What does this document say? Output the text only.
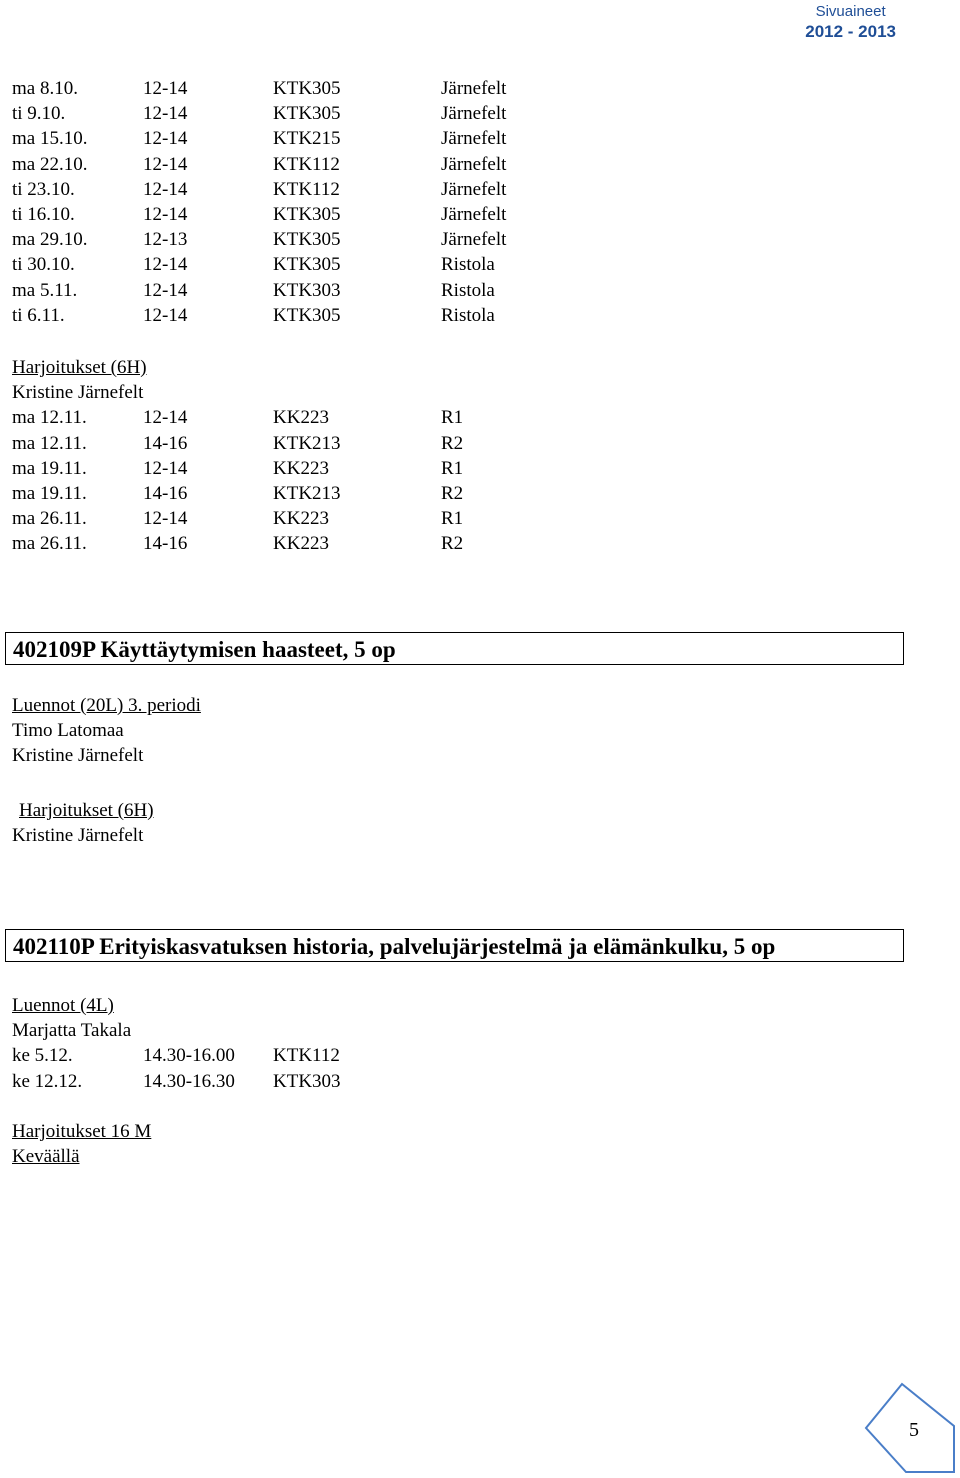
Sivuaineet
2012 - 2013
ma 8.10.	12-14	KTK305	Järnefelt
ti 9.10.	12-14	KTK305	Järnefelt
ma 15.10.	12-14	KTK215	Järnefelt
ma 22.10.	12-14	KTK112	Järnefelt
ti 23.10.	12-14	KTK112	Järnefelt
ti 16.10.	12-14	KTK305	Järnefelt
ma 29.10.	12-13	KTK305	Järnefelt
ti 30.10.	12-14	KTK305	Ristola
ma 5.11.	12-14	KTK303	Ristola
ti 6.11.	12-14	KTK305	Ristola
Harjoitukset (6H)
Kristine Järnefelt
ma 12.11.	12-14	KK223	R1
ma 12.11.	14-16	KTK213	R2
ma 19.11.	12-14	KK223	R1
ma 19.11.	14-16	KTK213	R2
ma 26.11.	12-14	KK223	R1
ma 26.11.	14-16	KK223	R2
402109P Käyttäytymisen haasteet, 5 op
Luennot (20L) 3. periodi
Timo Latomaa
Kristine Järnefelt
Harjoitukset (6H)
Kristine Järnefelt
402110P Erityiskasvatuksen historia, palvelujärjestelmä ja elämänkulku, 5 op
Luennot (4L)
Marjatta Takala
ke 5.12.	14.30-16.00 KTK112
ke 12.12.	14.30-16.30 KTK303
Harjoitukset 16 M
Keväällä
5
